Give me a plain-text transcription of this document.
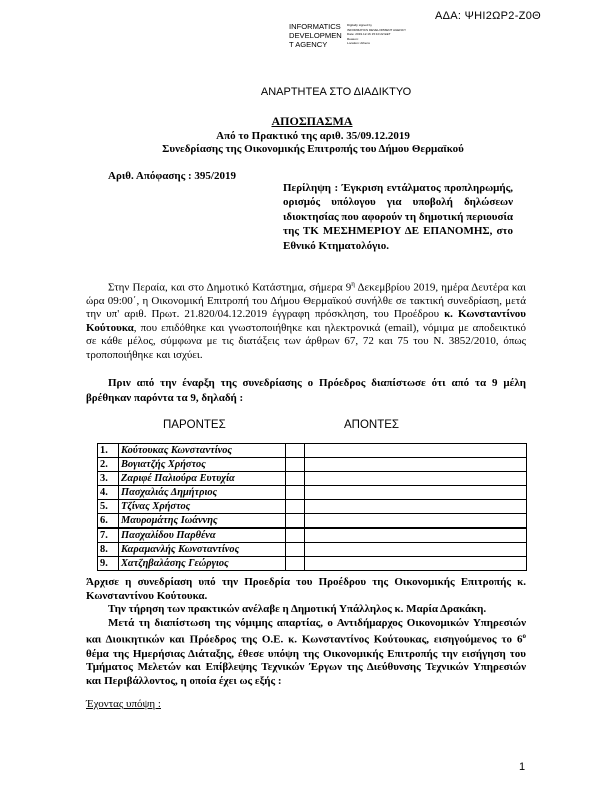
ΑΔΑ: ΨΗΙ2ΩΡ2-Ζ0Θ
INFORMATICS
DEVELOPMEN
T AGENCY
Digitally signed by
INFORMATICS DEVELOPMENT AGENCY
Date: 2019.12.16 15:10:22 EET
Reason:
Location: Athens
ΑΝΑΡΤΗΤΕΑ ΣΤΟ ΔΙΑΔΙΚΤΥΟ
ΑΠΟΣΠΑΣΜΑ
Από το Πρακτικό της αριθ. 35/09.12.2019
Συνεδρίασης της Οικονομικής Επιτροπής του Δήμου Θερμαϊκού
Αριθ. Απόφασης : 395/2019
Περίληψη : Έγκριση εντάλματος προπληρωμής, ορισμός υπόλογου για υποβολή δηλώσεων ιδιοκτησίας που αφορούν τη δημοτική περιουσία της ΤΚ ΜΕΣΗΜΕΡΙΟΥ ΔΕ ΕΠΑΝΟΜΗΣ, στο Εθνικό Κτηματολόγιο.
Στην Περαία, και στο Δημοτικό Κατάστημα, σήμερα $9^\eta$ Δεκεμβρίου 2019, ημέρα Δευτέρα και ώρα 09:00΄, η Οικονομική Επιτροπή του Δήμου Θερμαϊκού συνήλθε σε τακτική συνεδρίαση, μετά την υπ' αριθ. Πρωτ. 21.820/04.12.2019 έγγραφη πρόσκληση, του Προέδρου κ. Κωνσταντίνου Κούτουκα, που επιδόθηκε και γνωστοποιήθηκε και ηλεκτρονικά (email), νόμιμα με αποδεικτικό σε κάθε μέλος, σύμφωνα με τις διατάξεις των άρθρων 67, 72 και 75 του Ν. 3852/2010, όπως τροποποιήθηκε και ισχύει.
Πριν από την έναρξη της συνεδρίασης ο Πρόεδρος διαπίστωσε ότι από τα 9 μέλη βρέθηκαν παρόντα τα 9, δηλαδή :
ΠΑΡΟΝΤΕΣ	ΑΠΟΝΤΕΣ
1.	Κούτουκας Κωνσταντίνος		
2.	Βογιατζής Χρήστος		
3.	Ζαριφέ Παλιούρα Ευτυχία		
4.	Πασχαλιάς Δημήτριος		
5.	Τζίνας Χρήστος		
6.	Μαυρομάτης Ιωάννης		
7.	Πασχαλίδου Παρθένα		
8.	Καραμανλής Κωνσταντίνος		
9.	Χατζηβαλάσης Γεώργιος		
Άρχισε η συνεδρίαση υπό την Προεδρία του Προέδρου της Οικονομικής Επιτροπής κ. Κωνσταντίνου Κούτουκα.
Την τήρηση των πρακτικών ανέλαβε η Δημοτική Υπάλληλος κ. Μαρία Δρακάκη.
Μετά τη διαπίστωση της νόμιμης απαρτίας, ο Αντιδήμαρχος Οικονομικών Υπηρεσιών και Διοικητικών και Πρόεδρος της Ο.Ε. κ. Κωνσταντίνος Κούτουκας, εισηγούμενος το $6^o$ θέμα της Ημερήσιας Διάταξης, έθεσε υπόψη της Οικονομικής Επιτροπής την εισήγηση του Τμήματος Μελετών και Επίβλεψης Τεχνικών Έργων της Διεύθυνσης Τεχνικών Υπηρεσιών και Περιβάλλοντος, η οποία έχει ως εξής :
Έχοντας υπόψη :
1
